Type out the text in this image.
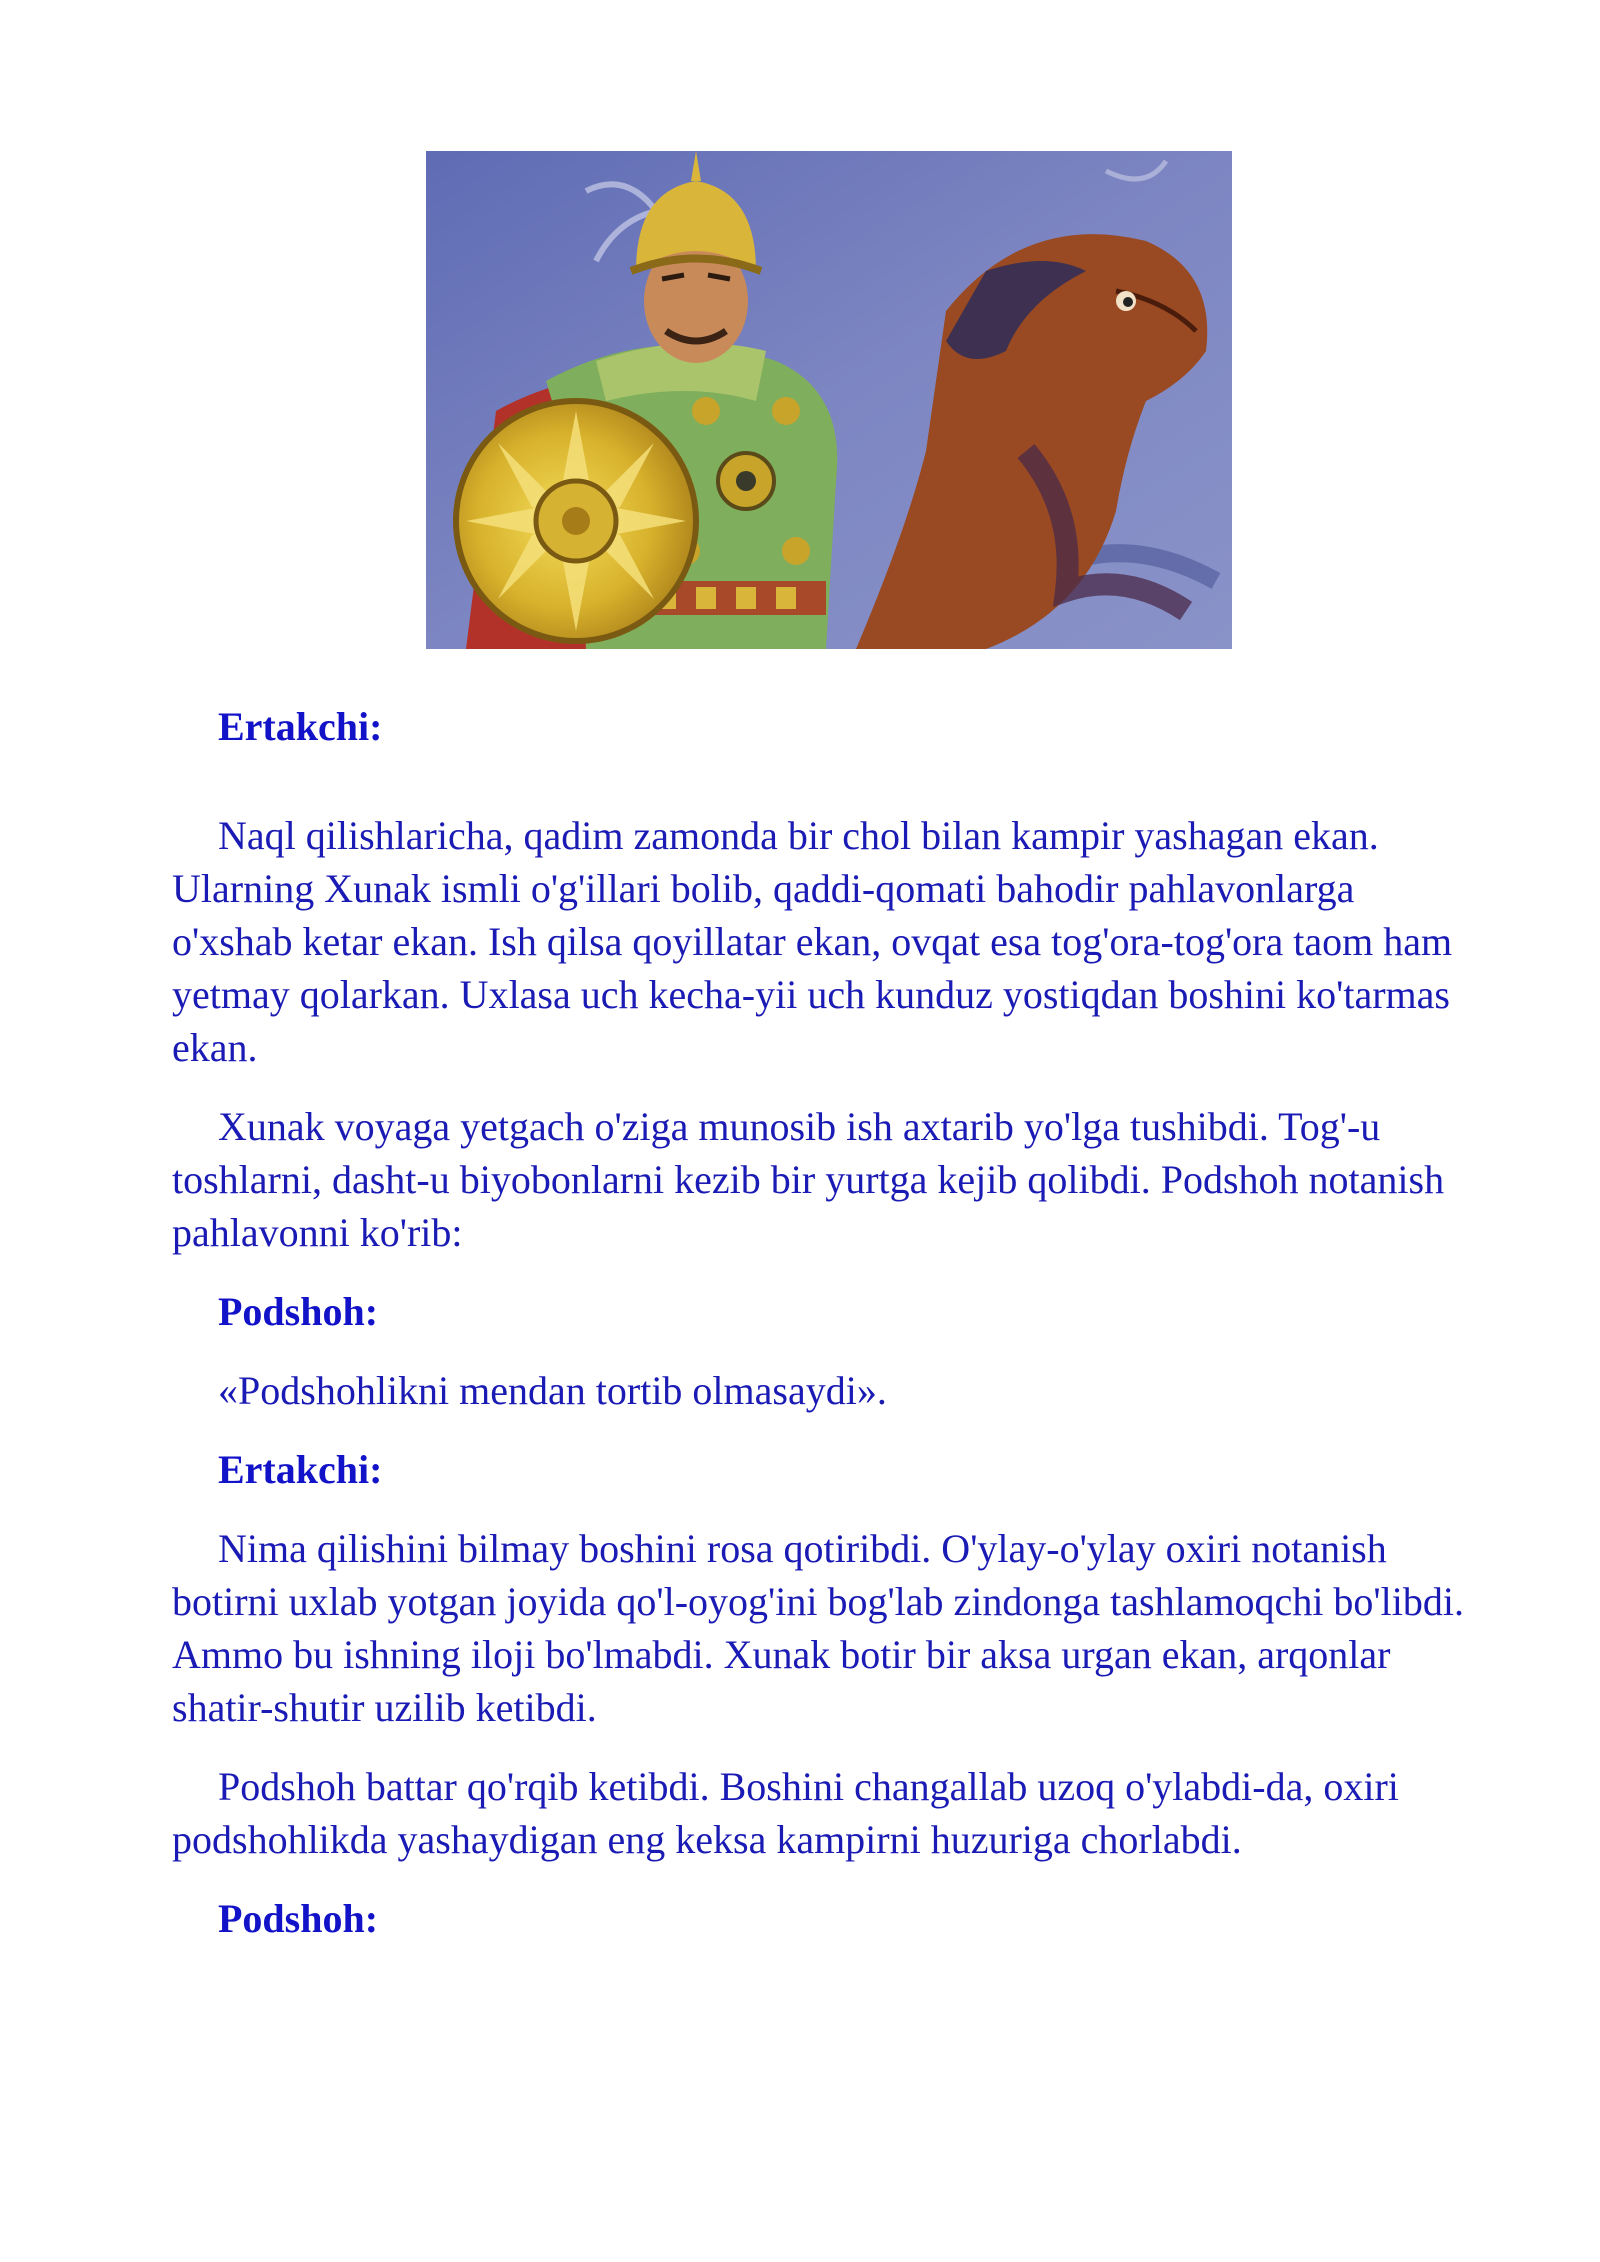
Ertakchi:

Naql qilishlaricha, qadim zamonda bir chol bilan kampir yashagan ekan. Ularning Xunak ismli o'g'illari bolib, qaddi-qomati bahodir pahlavonlarga o'xshab ketar ekan. Ish qilsa qoyillatar ekan, ovqat esa tog'ora-tog'ora taom ham yetmay qolarkan. Uxlasa uch kecha-yii uch kunduz yostiqdan boshini ko'tarmas ekan.

Xunak voyaga yetgach o'ziga munosib ish axtarib yo'lga tushibdi. Tog'-u toshlarni, dasht-u biyobonlarni kezib bir yurtga kejib qolibdi. Podshoh notanish pahlavonni ko'rib:

Podshoh:

«Podshohlikni mendan tortib olmasaydi».

Ertakchi:

Nima qilishini bilmay boshini rosa qotiribdi. O'ylay-o'ylay oxiri notanish botirni uxlab yotgan joyida qo'l-oyog'ini bog'lab zindonga tashlamoqchi bo'libdi. Ammo bu ishning iloji bo'lmabdi. Xunak botir bir aksa urgan ekan, arqonlar shatir-shutir uzilib ketibdi.

Podshoh battar qo'rqib ketibdi. Boshini changallab uzoq o'ylabdi-da, oxiri podshohlikda yashaydigan eng keksa kampirni huzuriga chorlabdi.

Podshoh:
